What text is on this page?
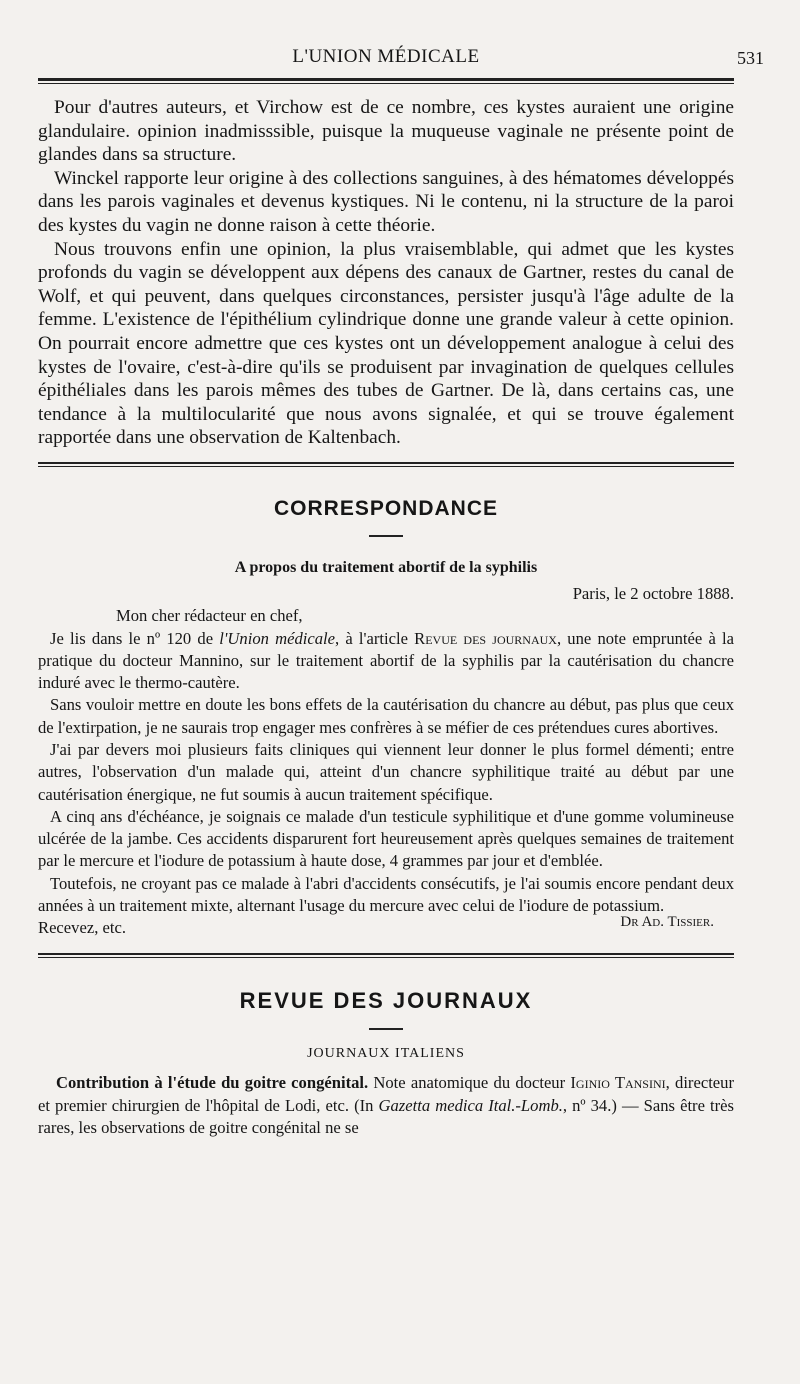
L'UNION MÉDICALE	531

Pour d'autres auteurs, et Virchow est de ce nombre, ces kystes auraient une origine glandulaire. opinion inadmisssible, puisque la muqueuse vaginale ne présente point de glandes dans sa structure.

Winckel rapporte leur origine à des collections sanguines, à des hématomes développés dans les parois vaginales et devenus kystiques. Ni le contenu, ni la structure de la paroi des kystes du vagin ne donne raison à cette théorie.

Nous trouvons enfin une opinion, la plus vraisemblable, qui admet que les kystes profonds du vagin se développent aux dépens des canaux de Gartner, restes du canal de Wolf, et qui peuvent, dans quelques circonstances, persister jusqu'à l'âge adulte de la femme. L'existence de l'épithélium cylindrique donne une grande valeur à cette opinion. On pourrait encore admettre que ces kystes ont un développement analogue à celui des kystes de l'ovaire, c'est-à-dire qu'ils se produisent par invagination de quelques cellules épithéliales dans les parois mêmes des tubes de Gartner. De là, dans certains cas, une tendance à la multilocularité que nous avons signalée, et qui se trouve également rapportée dans une observation de Kaltenbach.

CORRESPONDANCE
A propos du traitement abortif de la syphilis

Paris, le 2 octobre 1888.

Mon cher rédacteur en chef,

Je lis dans le nº 120 de l'Union médicale, à l'article Revue des journaux, une note empruntée à la pratique du docteur Mannino, sur le traitement abortif de la syphilis par la cautérisation du chancre induré avec le thermo-cautère.

Sans vouloir mettre en doute les bons effets de la cautérisation du chancre au début, pas plus que ceux de l'extirpation, je ne saurais trop engager mes confrères à se méfier de ces prétendues cures abortives.

J'ai par devers moi plusieurs faits cliniques qui viennent leur donner le plus formel démenti; entre autres, l'observation d'un malade qui, atteint d'un chancre syphilitique traité au début par une cautérisation énergique, ne fut soumis à aucun traitement spécifique.

A cinq ans d'échéance, je soignais ce malade d'un testicule syphilitique et d'une gomme volumineuse ulcérée de la jambe. Ces accidents disparurent fort heureusement après quelques semaines de traitement par le mercure et l'iodure de potassium à haute dose, 4 grammes par jour et d'emblée.

Toutefois, ne croyant pas ce malade à l'abri d'accidents consécutifs, je l'ai soumis encore pendant deux années à un traitement mixte, alternant l'usage du mercure avec celui de l'iodure de potassium.

Recevez, etc.	Dr Ad. Tissier.
REVUE DES JOURNAUX
JOURNAUX ITALIENS

Contribution à l'étude du goitre congénital. Note anatomique du docteur Iginio Tansini, directeur et premier chirurgien de l'hôpital de Lodi, etc. (In Gazetta medica Ital.-Lomb., nº 34.) — Sans être très rares, les observations de goitre congénital ne se
